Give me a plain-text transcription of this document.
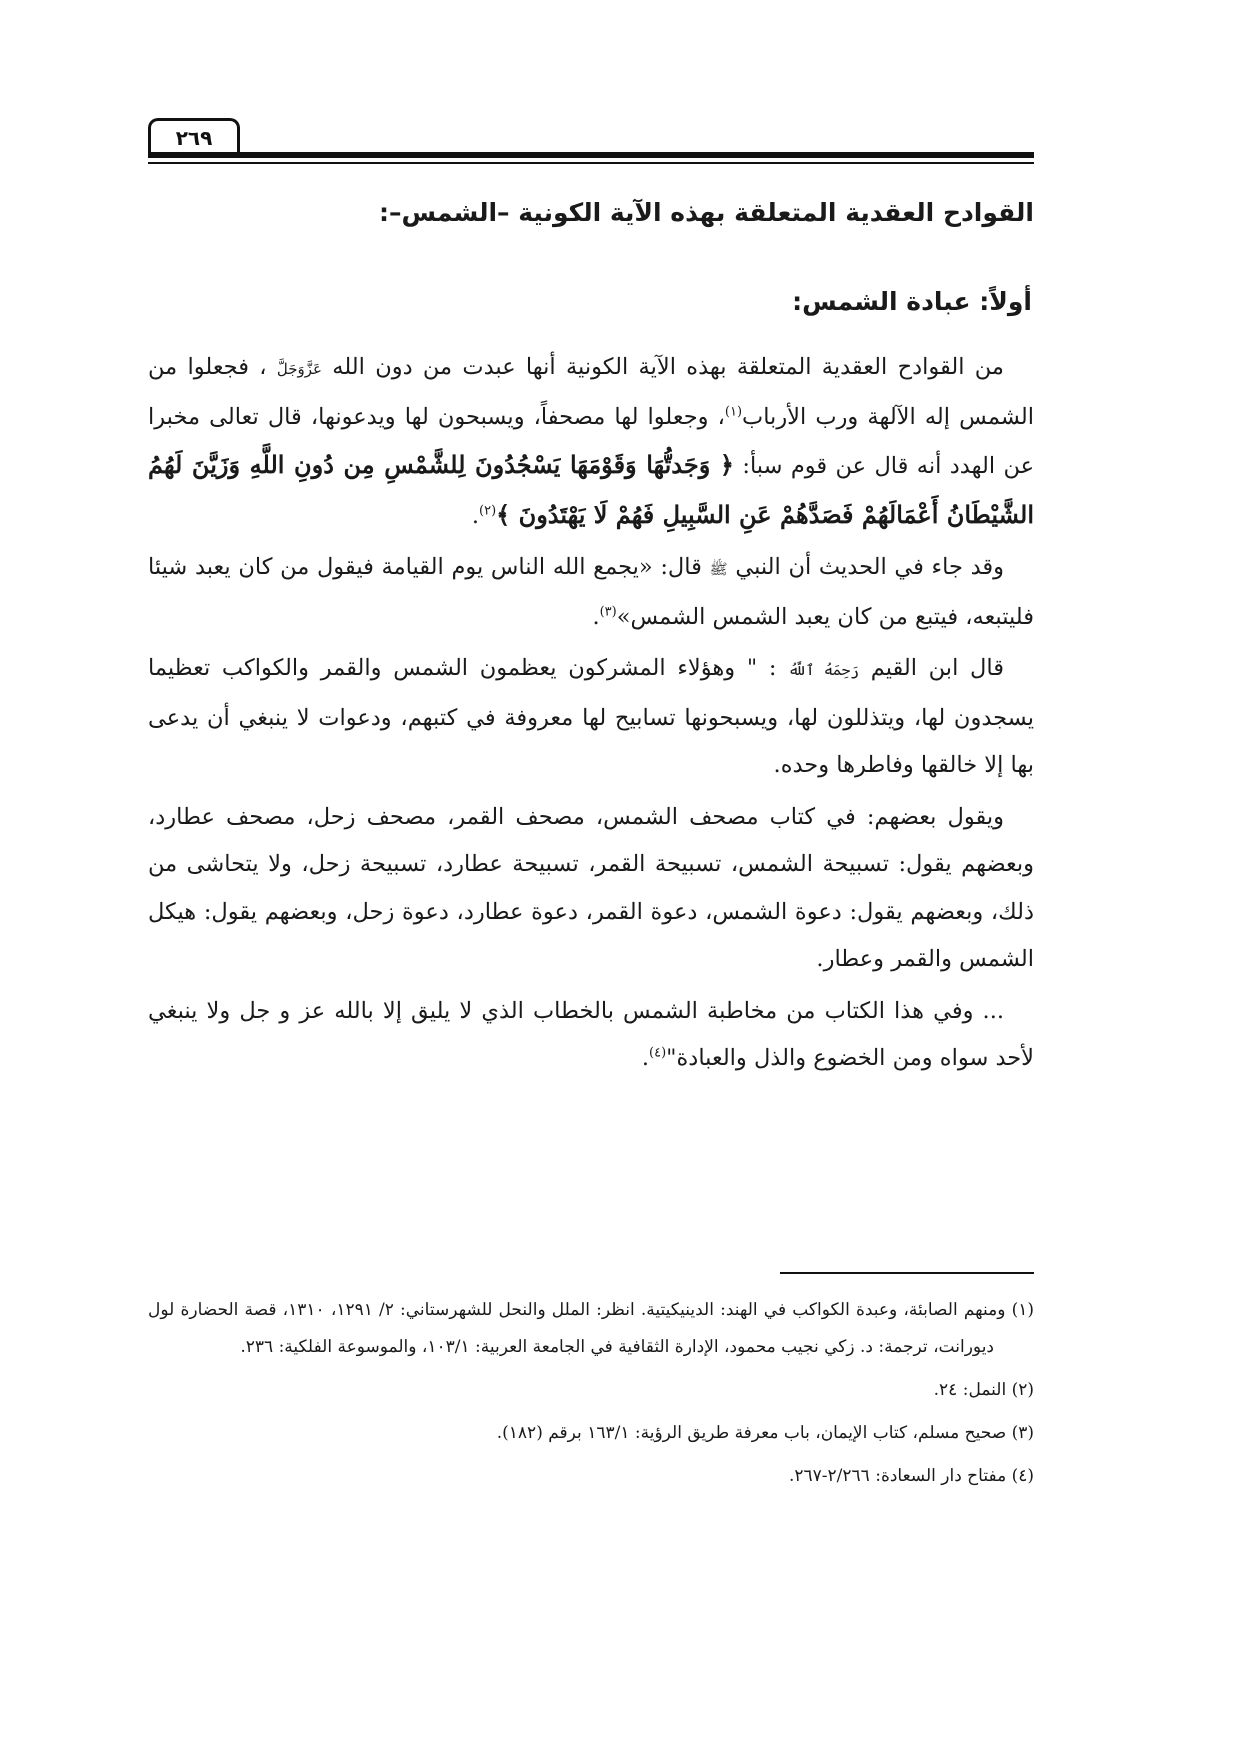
٢٦٩
القوادح العقدية المتعلقة بهذه الآية الكونية –الشمس–:
أولاً: عبادة الشمس:

من القوادح العقدية المتعلقة بهذه الآية الكونية أنها عبدت من دون الله عَزَّوَجَلَّ ، فجعلوا من الشمس إله الآلهة ورب الأرباب$^{(١)}$، وجعلوا لها مصحفاً، ويسبحون لها ويدعونها، قال تعالى مخبرا عن الهدد أنه قال عن قوم سبأ: ﴿ وَجَدتُّهَا وَقَوْمَهَا يَسْجُدُونَ لِلشَّمْسِ مِن دُونِ اللَّهِ وَزَيَّنَ لَهُمُ الشَّيْطَانُ أَعْمَالَهُمْ فَصَدَّهُمْ عَنِ السَّبِيلِ فَهُمْ لَا يَهْتَدُونَ ﴾$^{(٢)}$.

وقد جاء في الحديث أن النبي ﷺ قال: «يجمع الله الناس يوم القيامة فيقول من كان يعبد شيئا فليتبعه، فيتبع من كان يعبد الشمس الشمس»$^{(٣)}$.

قال ابن القيم رَحِمَهُ ٱللَّهُ : " وهؤلاء المشركون يعظمون الشمس والقمر والكواكب تعظيما يسجدون لها، ويتذللون لها، ويسبحونها تسابيح لها معروفة في كتبهم، ودعوات لا ينبغي أن يدعى بها إلا خالقها وفاطرها وحده.

ويقول بعضهم: في كتاب مصحف الشمس، مصحف القمر، مصحف زحل، مصحف عطارد، وبعضهم يقول: تسبيحة الشمس، تسبيحة القمر، تسبيحة عطارد، تسبيحة زحل، ولا يتحاشى من ذلك، وبعضهم يقول: دعوة الشمس، دعوة القمر، دعوة عطارد، دعوة زحل، وبعضهم يقول: هيكل الشمس والقمر وعطار.

... وفي هذا الكتاب من مخاطبة الشمس بالخطاب الذي لا يليق إلا بالله عز و جل ولا ينبغي لأحد سواه ومن الخضوع والذل والعبادة"$^{(٤)}$.

(١) ومنهم الصابئة، وعبدة الكواكب في الهند: الدينيكيتية. انظر: الملل والنحل للشهرستاني: ٢/ ١٢٩١، ١٣١٠، قصة الحضارة لول ديورانت، ترجمة: د. زكي نجيب محمود، الإدارة الثقافية في الجامعة العربية: ١٠٣/١، والموسوعة الفلكية: ٢٣٦.
(٢) النمل: ٢٤.
(٣) صحيح مسلم، كتاب الإيمان، باب معرفة طريق الرؤية: ١٦٣/١ برقم (١٨٢).
(٤) مفتاح دار السعادة: ٢/٢٦٦-٢٦٧.
